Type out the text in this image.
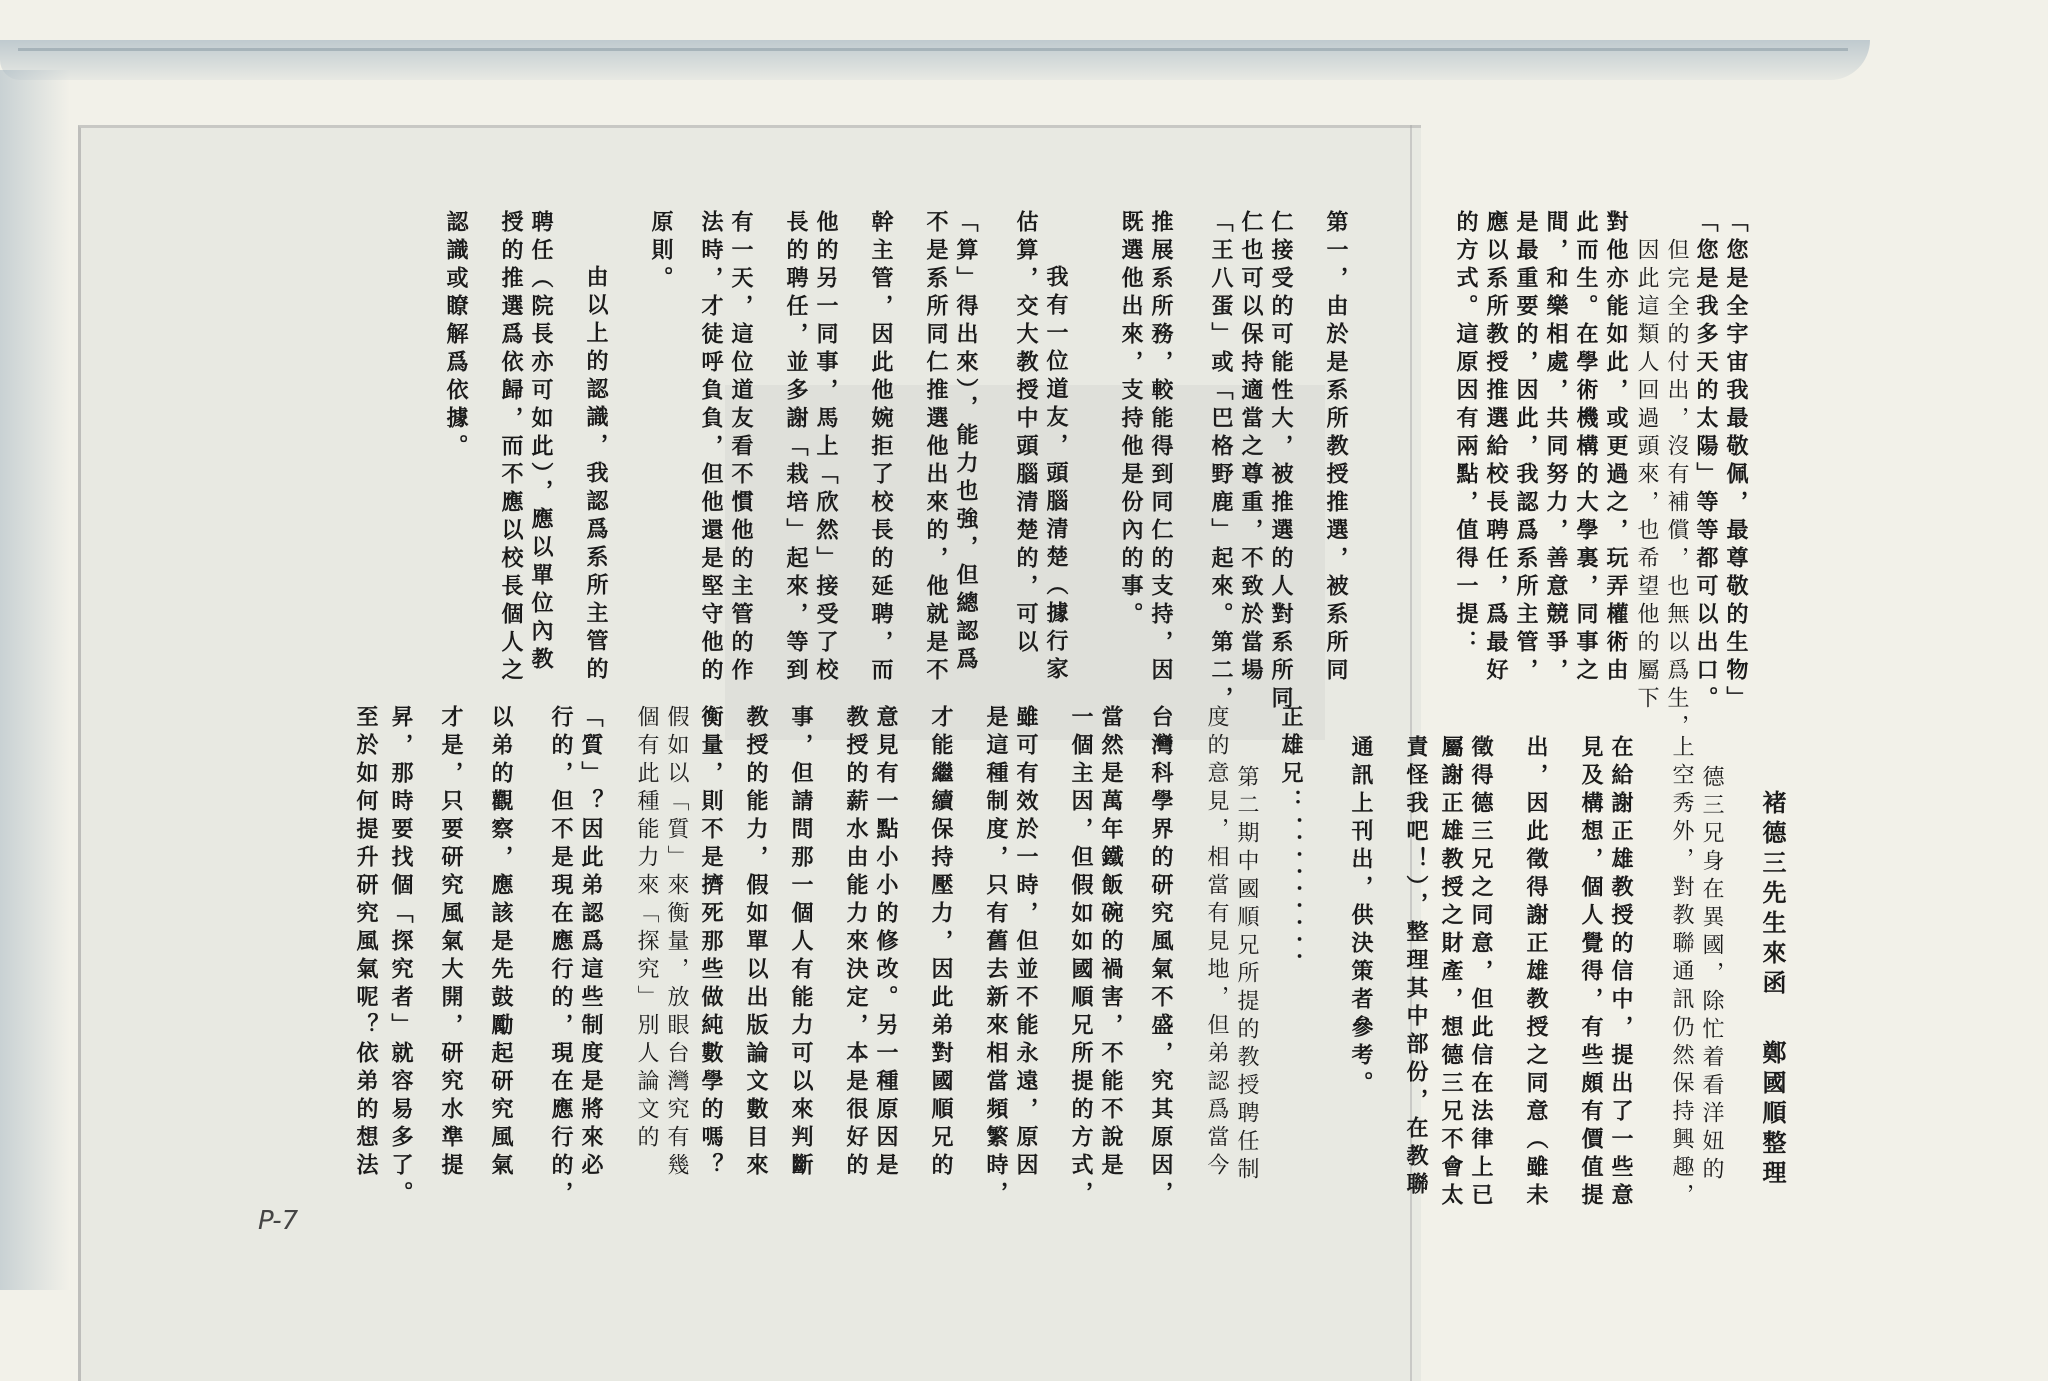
褚德三先生來函
鄭國順整理
「您是全宇宙我最敬佩，最尊敬的生物」
「您是我多天的太陽」等等都可以出口。
但完全的付出，沒有補償，也無以爲生，
因此這類人回過頭來，也希望他的屬下
對他亦能如此，或更過之，玩弄權術由
此而生。在學術機構的大學裏，同事之
間，和樂相處，共同努力，善意競爭，
是最重要的，因此，我認爲系所主管，
應以系所教授推選給校長聘任，爲最好
的方式。這原因有兩點，值得一提：
第一，由於是系所教授推選，被系所同
仁接受的可能性大，被推選的人對系所同
仁也可以保持適當之尊重，不致於當場
「王八蛋」或「巴格野鹿」起來。第二，
推展系所務，較能得到同仁的支持，因
既選他出來，支持他是份內的事。
我有一位道友，頭腦清楚（據行家
估算，交大教授中頭腦清楚的，可以
「算」得出來），能力也強，但總認爲
不是系所同仁推選他出來的，他就是不
幹主管，因此他婉拒了校長的延聘，而
他的另一同事，馬上「欣然」接受了校
長的聘任，並多謝「栽培」起來，等到
有一天，這位道友看不慣他的主管的作
法時，才徒呼負負，但他還是堅守他的
原則。
由以上的認識，我認爲系所主管的
聘任（院長亦可如此），應以單位內教
授的推選爲依歸，而不應以校長個人之
認識或瞭解爲依據。
德三兄身在異國，除忙着看洋妞的
上空秀外，對教聯通訊仍然保持興趣，
在給謝正雄教授的信中，提出了一些意
見及構想，個人覺得，有些頗有價值提
出，因此徵得謝正雄教授之同意（雖未
徵得德三兄之同意，但此信在法律上已
屬謝正雄教授之財產，想德三兄不會太
責怪我吧！），整理其中部份，在教聯
通訊上刊出，供決策者參考。
正雄兄：．．．．．．．．．
第二期中國順兄所提的教授聘任制
度的意見，相當有見地，但弟認爲當今
台灣科學界的研究風氣不盛，究其原因，
當然是萬年鐵飯碗的禍害，不能不說是
一個主因，但假如如國順兄所提的方式，
雖可有效於一時，但並不能永遠，原因
是這種制度，只有舊去新來相當頻繁時，
才能繼續保持壓力，因此弟對國順兄的
意見有一點小小的修改。另一種原因是
教授的薪水由能力來決定，本是很好的
事，但請問那一個人有能力可以來判斷
教授的能力，假如單以出版論文數目來
衡量，則不是擠死那些做純數學的嗎？
假如以「質」來衡量，放眼台灣究有幾
個有此種能力來「探究」別人論文的
「質」？因此弟認爲這些制度是將來必
行的，但不是現在應行的，現在應行的，
以弟的觀察，應該是先鼓勵起研究風氣
才是，只要研究風氣大開，研究水準提
昇，那時要找個「探究者」就容易多了。
至於如何提升研究風氣呢？依弟的想法
P-7
